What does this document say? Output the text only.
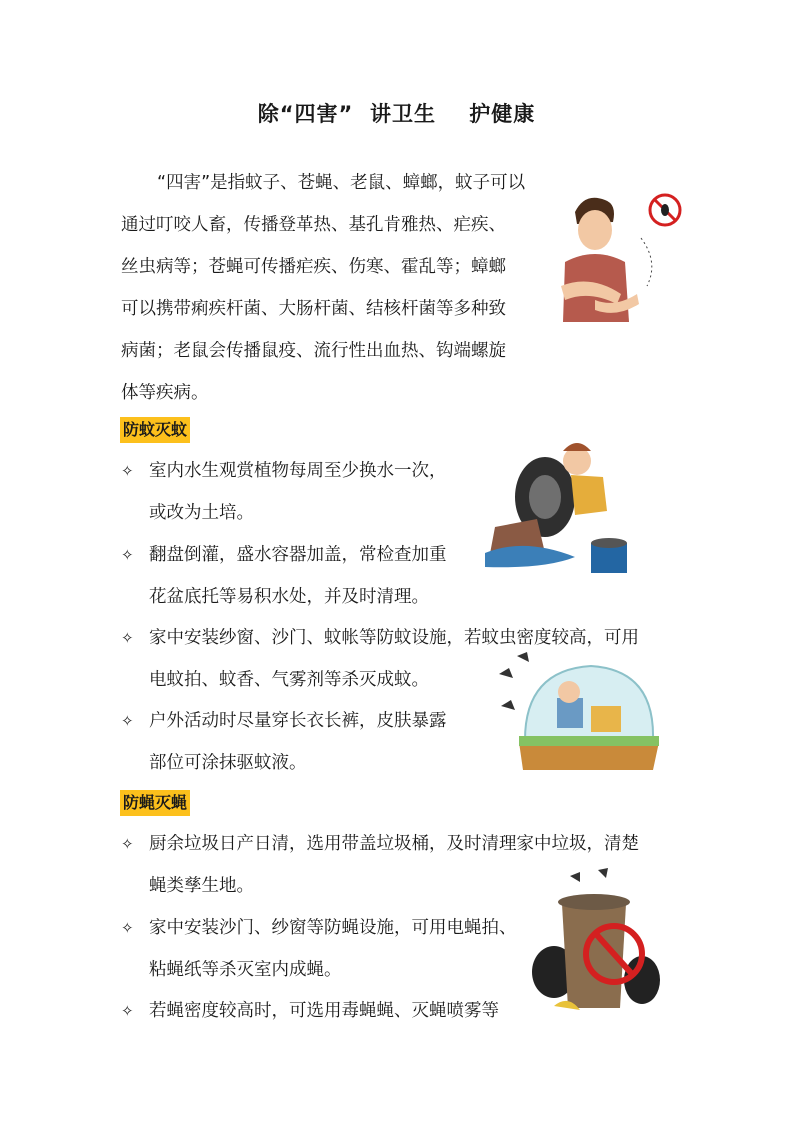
除“四害”  讲卫生    护健康
“四害”是指蚊子、苍蝇、老鼠、蟑螂，蚊子可以
通过叮咬人畜，传播登革热、基孔肯雅热、疟疾、
丝虫病等；苍蝇可传播疟疾、伤寒、霍乱等；蟑螂
可以携带痢疾杆菌、大肠杆菌、结核杆菌等多种致
病菌；老鼠会传播鼠疫、流行性出血热、钩端螺旋
体等疾病。
防蚊灭蚊
✧ 室内水生观赏植物每周至少换水一次，
或改为土培。
✧ 翻盘倒灌，盛水容器加盖，常检查加重
花盆底托等易积水处，并及时清理。
✧ 家中安装纱窗、沙门、蚊帐等防蚊设施，若蚊虫密度较高，可用
电蚊拍、蚊香、气雾剂等杀灭成蚊。
✧ 户外活动时尽量穿长衣长裤，皮肤暴露
部位可涂抹驱蚊液。
防蝇灭蝇
✧ 厨余垃圾日产日清，选用带盖垃圾桶，及时清理家中垃圾，清楚
蝇类孳生地。
✧ 家中安装沙门、纱窗等防蝇设施，可用电蝇拍、
粘蝇纸等杀灭室内成蝇。
✧ 若蝇密度较高时，可选用毒蝇蝇、灭蝇喷雾等
